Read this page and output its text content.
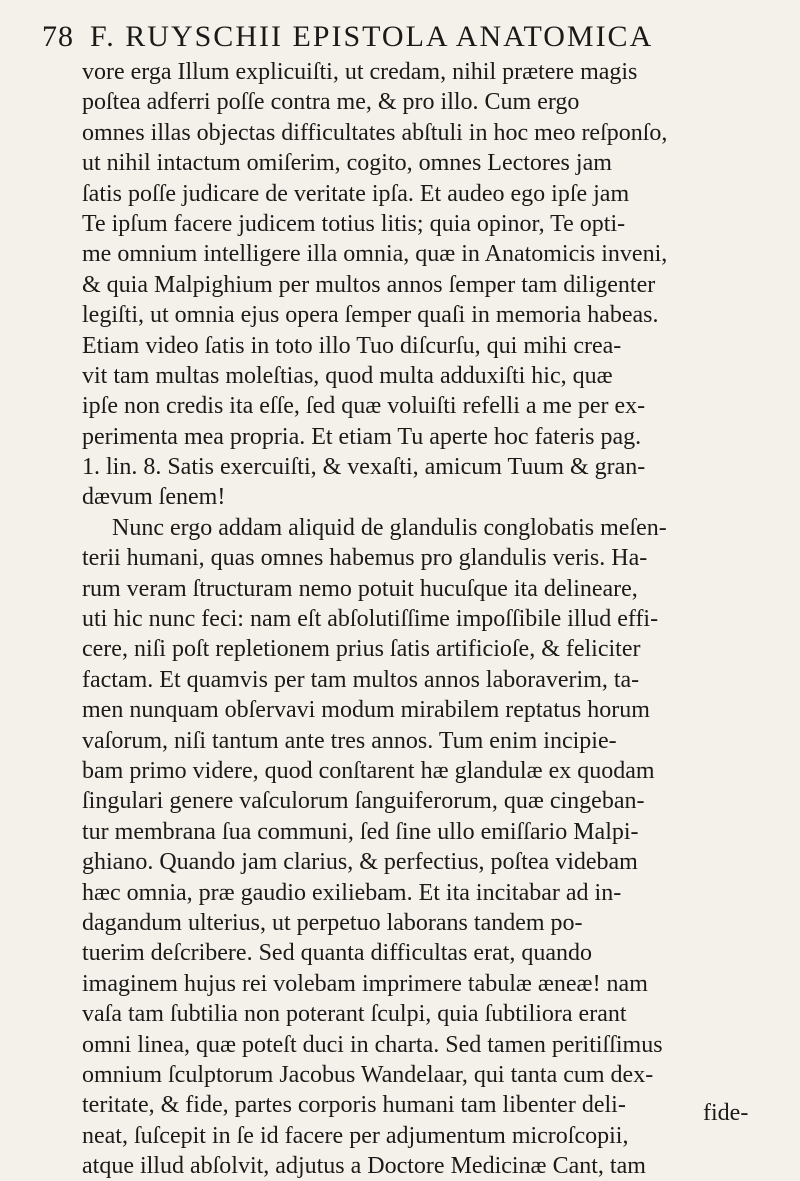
78 F. RUYSCHII EPISTOLA ANATOMICA
vore erga Illum explicuiſti, ut credam, nihil prætere magis
poſtea adferri poſſe contra me, & pro illo. Cum ergo
omnes illas objectas difficultates abſtuli in hoc meo reſponſo,
ut nihil intactum omiſerim, cogito, omnes Lectores jam
ſatis poſſe judicare de veritate ipſa. Et audeo ego ipſe jam
Te ipſum facere judicem totius litis; quia opinor, Te opti-
me omnium intelligere illa omnia, quæ in Anatomicis inveni,
& quia Malpighium per multos annos ſemper tam diligenter
legiſti, ut omnia ejus opera ſemper quaſi in memoria habeas.
Etiam video ſatis in toto illo Tuo diſcurſu, qui mihi crea-
vit tam multas moleſtias, quod multa adduxiſti hic, quæ
ipſe non credis ita eſſe, ſed quæ voluiſti refelli a me per ex-
perimenta mea propria. Et etiam Tu aperte hoc fateris pag.
1. lin. 8. Satis exercuiſti, & vexaſti, amicum Tuum & gran-
dævum ſenem!
Nunc ergo addam aliquid de glandulis conglobatis meſen-
terii humani, quas omnes habemus pro glandulis veris. Ha-
rum veram ſtructuram nemo potuit hucuſque ita delineare,
uti hic nunc feci: nam eſt abſolutiſſime impoſſibile illud effi-
cere, niſi poſt repletionem prius ſatis artificioſe, & feliciter
factam. Et quamvis per tam multos annos laboraverim, ta-
men nunquam obſervavi modum mirabilem reptatus horum
vaſorum, niſi tantum ante tres annos. Tum enim incipie-
bam primo videre, quod conſtarent hæ glandulæ ex quodam
ſingulari genere vaſculorum ſanguiferorum, quæ cingeban-
tur membrana ſua communi, ſed ſine ullo emiſſario Malpi-
ghiano. Quando jam clarius, & perfectius, poſtea videbam
hæc omnia, præ gaudio exiliebam. Et ita incitabar ad in-
dagandum ulterius, ut perpetuo laborans tandem po-
tuerim deſcribere. Sed quanta difficultas erat, quando
imaginem hujus rei volebam imprimere tabulæ æneæ! nam
vaſa tam ſubtilia non poterant ſculpi, quia ſubtiliora erant
omni linea, quæ poteſt duci in charta. Sed tamen peritiſſimus
omnium ſculptorum Jacobus Wandelaar, qui tanta cum dex-
teritate, & fide, partes corporis humani tam libenter deli-
neat, ſuſcepit in ſe id facere per adjumentum microſcopii,
atque illud abſolvit, adjutus a Doctore Medicinæ Cant, tam
fide-
